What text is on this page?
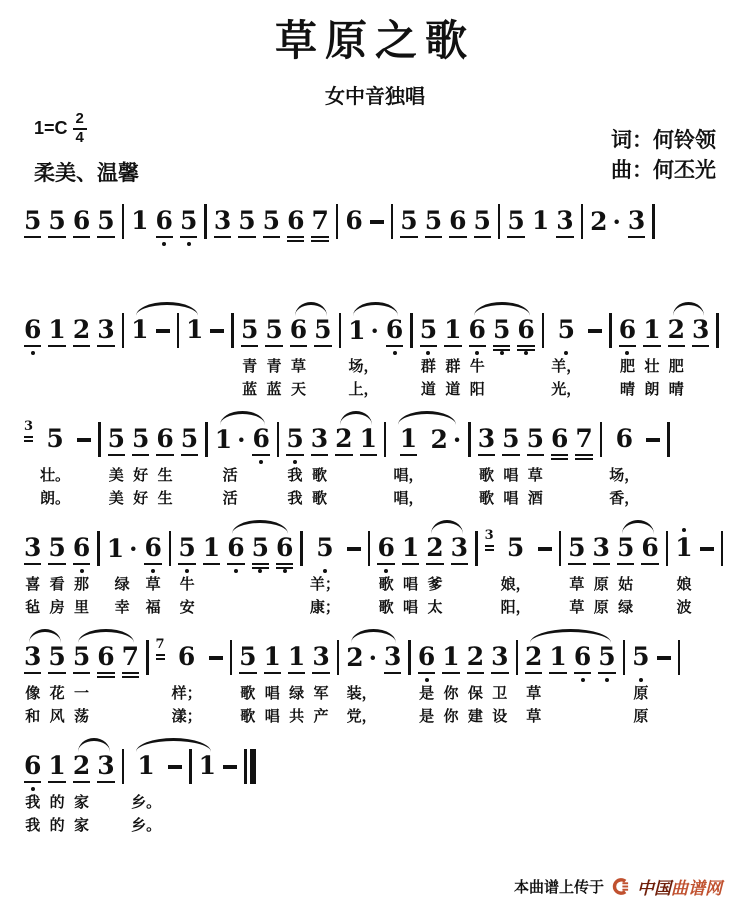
草原之歌
女中音独唱
$1=C \frac{2}{4}$	词：何铃领
曲：何丕光
柔美、温馨
5 5 6 5 1 6 5 3 5 5 6 7 6 5 5 6 5 5 1 3 2 · 3
6 1 2 3 1 1 5
青
蓝
5
青
蓝
6
草
天
5 1 ·
场，
上，
6 5
群
道
1
群
道
6
牛
阳
5 6 5
羊，
光，
6
肥
晴
1
壮
朗
2
肥
晴
3
3 5
壮。
朗。
5
美
美
5
好
好
6
生
生
5 1 ·
活
活
6 5
我
我
3
歌
歌
2 1 1
唱，
唱，
2 · 3
歌
歌
5
唱
唱
5
草
酒
6 7 6
场，
香，
3
喜
毡
5
看
房
6
那
里
1 ·
绿
幸
6
草
福
5
牛
安
1 6 5 6 5
羊；
康；
6
歌
歌
1
唱
唱
2
爹
太
3 3 5
娘，
阳，
5
草
草
3
原
原
5
姑
绿
6 1
娘
波
3
像
和
5
花
风
5
一
荡
6 7 7 6
样；
漾；
5
歌
歌
1
唱
唱
1
绿
共
3
军
产
2 ·
装，
党，
3 6
是
是
1
你
你
2
保
建
3
卫
设
2
草
草
1 6 5 5
原
原
6
我
我
1
的
的
2
家
家
3 1
乡。
乡。
1
本曲谱上传于 中国曲谱网
